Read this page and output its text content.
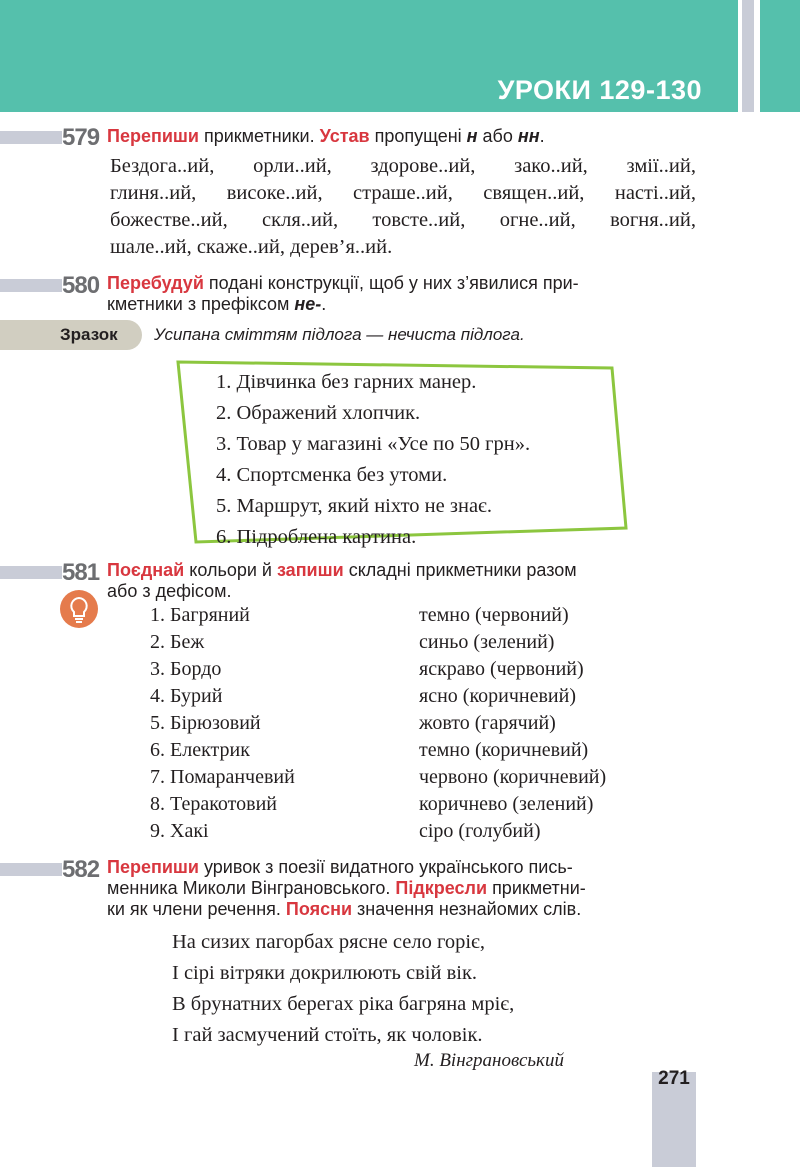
УРОКИ 129-130
579 Перепиши прикметники. Устав пропущені н або нн.
Бездога..ий, орли..ий, здорове..ий, зако..ий, змії..ий,
глиня..ий, високе..ий, страше..ий, священ..ий, насті..ий,
божестве..ий, скля..ий, товсте..ий, огне..ий, вогня..ий,
шале..ий, скаже..ий, дерев’я..ий.
580 Перебудуй подані конструкції, щоб у них з’явилися при-
кметники з префіксом не-.
Зразок Усипана сміттям підлога — нечиста підлога.
1. Дівчинка без гарних манер.
2. Ображений хлопчик.
3. Товар у магазині «Усе по 50 грн».
4. Спортсменка без утоми.
5. Маршрут, який ніхто не знає.
6. Підроблена картина.
581 Поєднай кольори й запиши складні прикметники разом
або з дефісом.
1. Багряний
2. Беж
3. Бордо
4. Бурий
5. Бірюзовий
6. Електрик
7. Помаранчевий
8. Теракотовий
9. Хакі
темно (червоний)
синьо (зелений)
яскраво (червоний)
ясно (коричневий)
жовто (гарячий)
темно (коричневий)
червоно (коричневий)
коричнево (зелений)
сіро (голубий)
582 Перепиши уривок з поезії видатного українського пись-
менника Миколи Вінграновського. Підкресли прикметни-
ки як члени речення. Поясни значення незнайомих слів.
На сизих пагорбах рясне село горіє,
І сірі вітряки докрилюють свій вік.
В брунатних берегах ріка багряна мріє,
І гай засмучений стоїть, як чоловік.
М. Вінграновський
271
